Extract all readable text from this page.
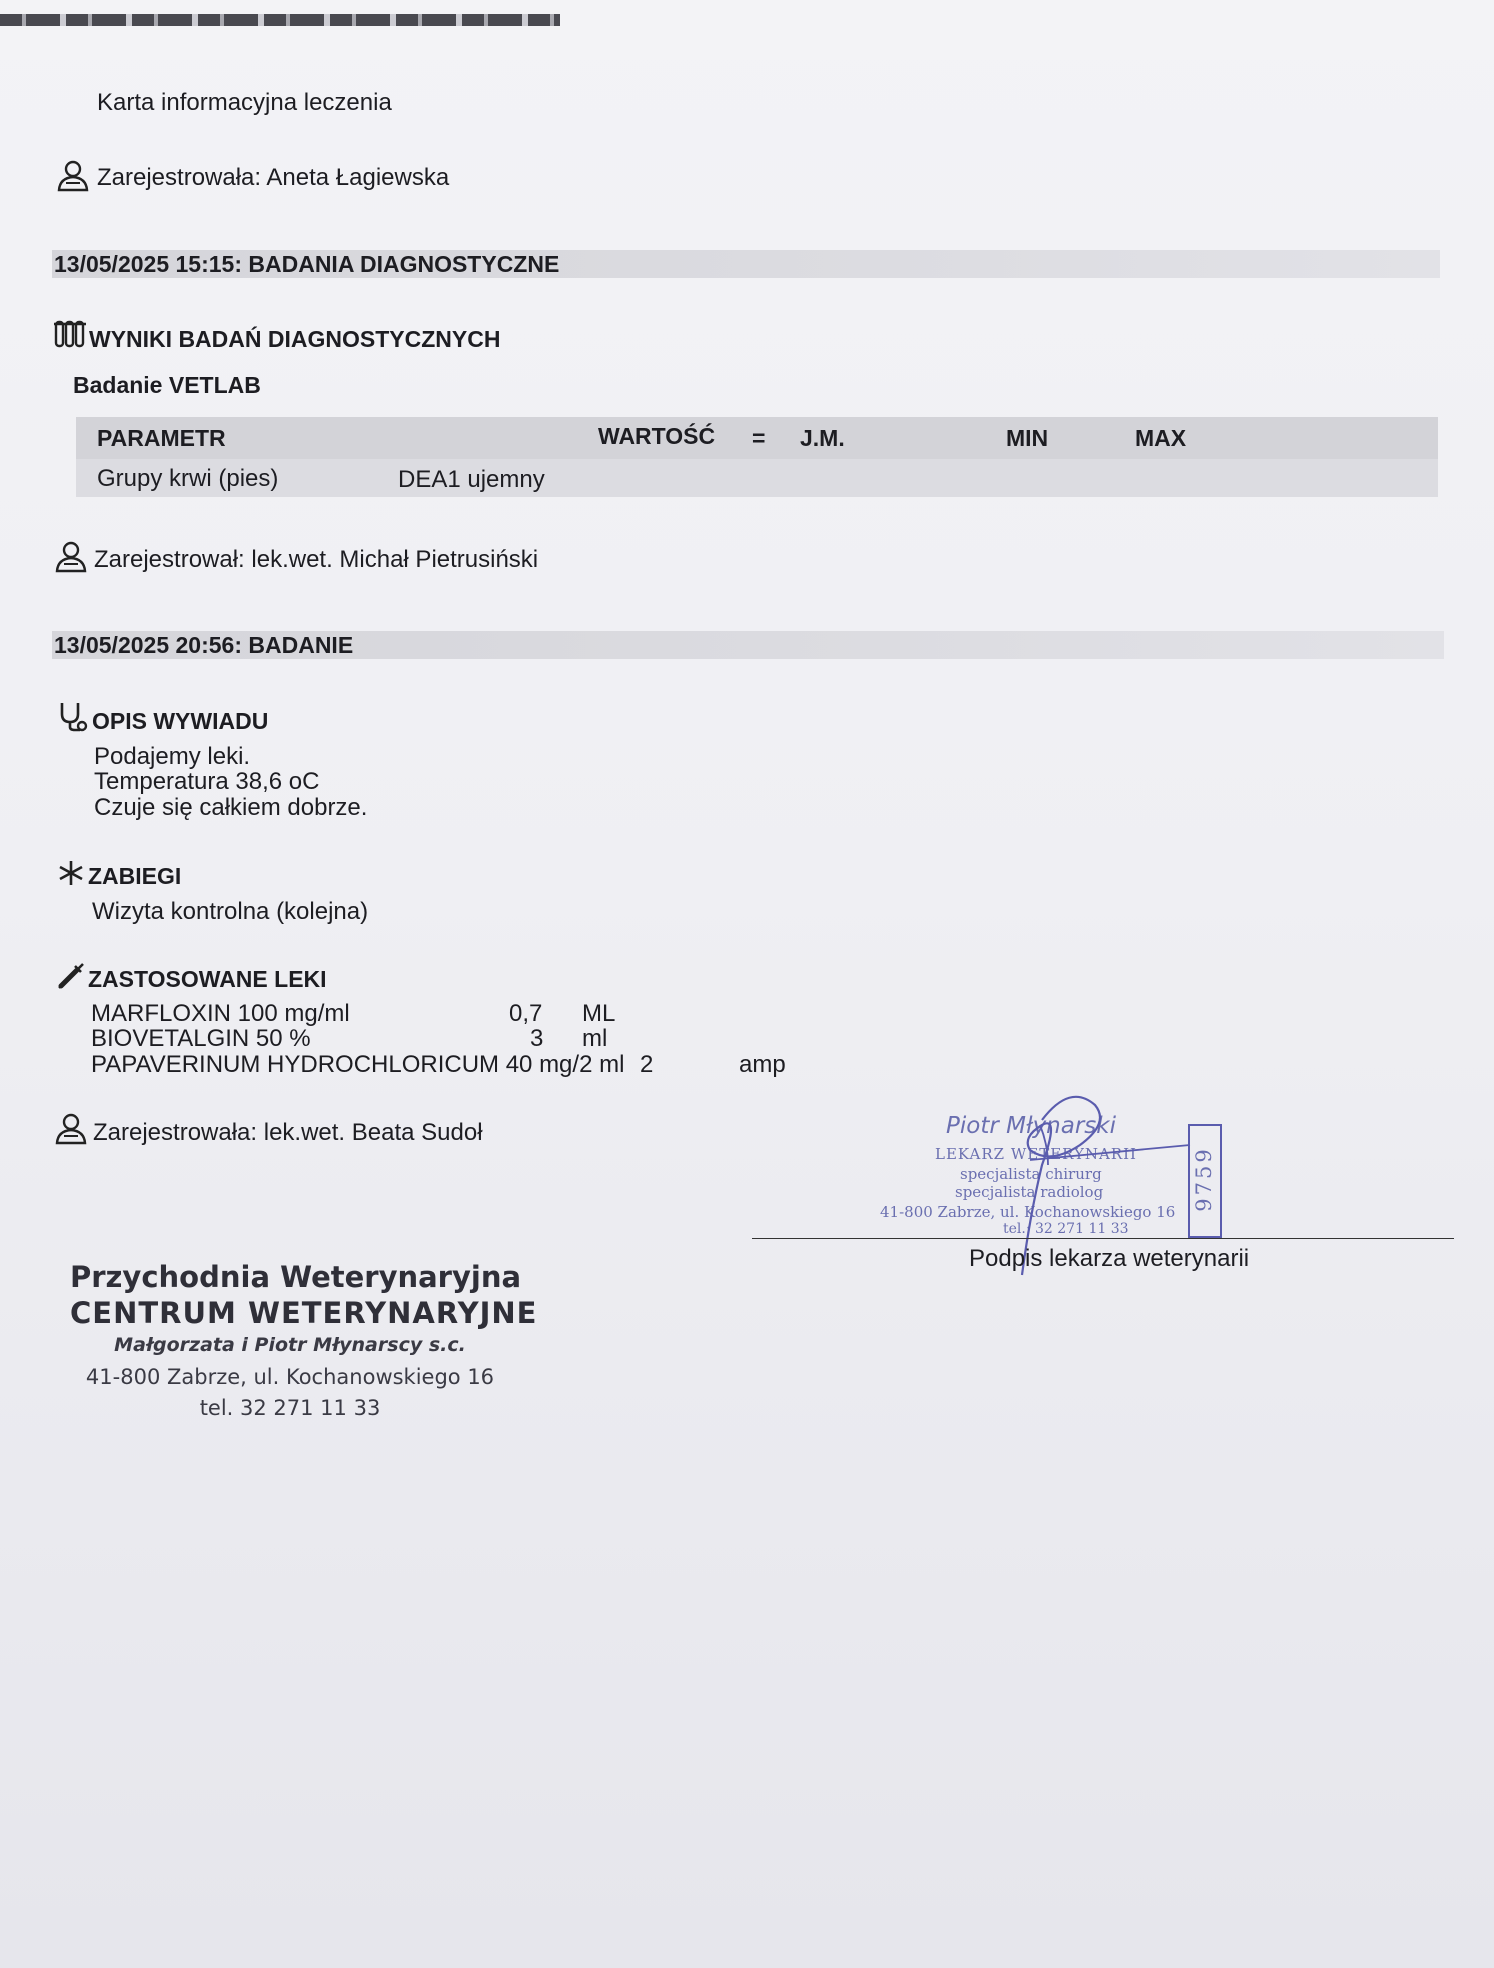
Karta informacyjna leczenia
Zarejestrowała: Aneta Łagiewska
13/05/2025 15:15: BADANIA DIAGNOSTYCZNE
WYNIKI BADAŃ DIAGNOSTYCZNYCH
Badanie VETLAB
PARAMETR	WARTOŚĆ = J.M.	MIN	MAX
Grupy krwi (pies)	DEA1 ujemny
Zarejestrował: lek.wet. Michał Pietrusiński
13/05/2025 20:56: BADANIE
OPIS WYWIADU
Podajemy leki.
Temperatura 38,6 oC
Czuje się całkiem dobrze.
ZABIEGI
Wizyta kontrolna (kolejna)
ZASTOSOWANE LEKI
MARFLOXIN 100 mg/ml	0,7 ML
BIOVETALGIN 50 %	3 ml
PAPAVERINUM HYDROCHLORICUM 40 mg/2 ml 2	amp
Zarejestrowała: lek.wet. Beata Sudoł	Piotr Młynarski
LEKARZ WETERYNARII
specjalista chirurg
specjalista radiolog
41-800 Zabrze, ul. Kochanowskiego 16
tel.: 32 271 11 33
9759
Podpis lekarza weterynarii
Przychodnia Weterynaryjna
CENTRUM WETERYNARYJNE
Małgorzata i Piotr Młynarscy s.c.
41-800 Zabrze, ul. Kochanowskiego 16
tel. 32 271 11 33
